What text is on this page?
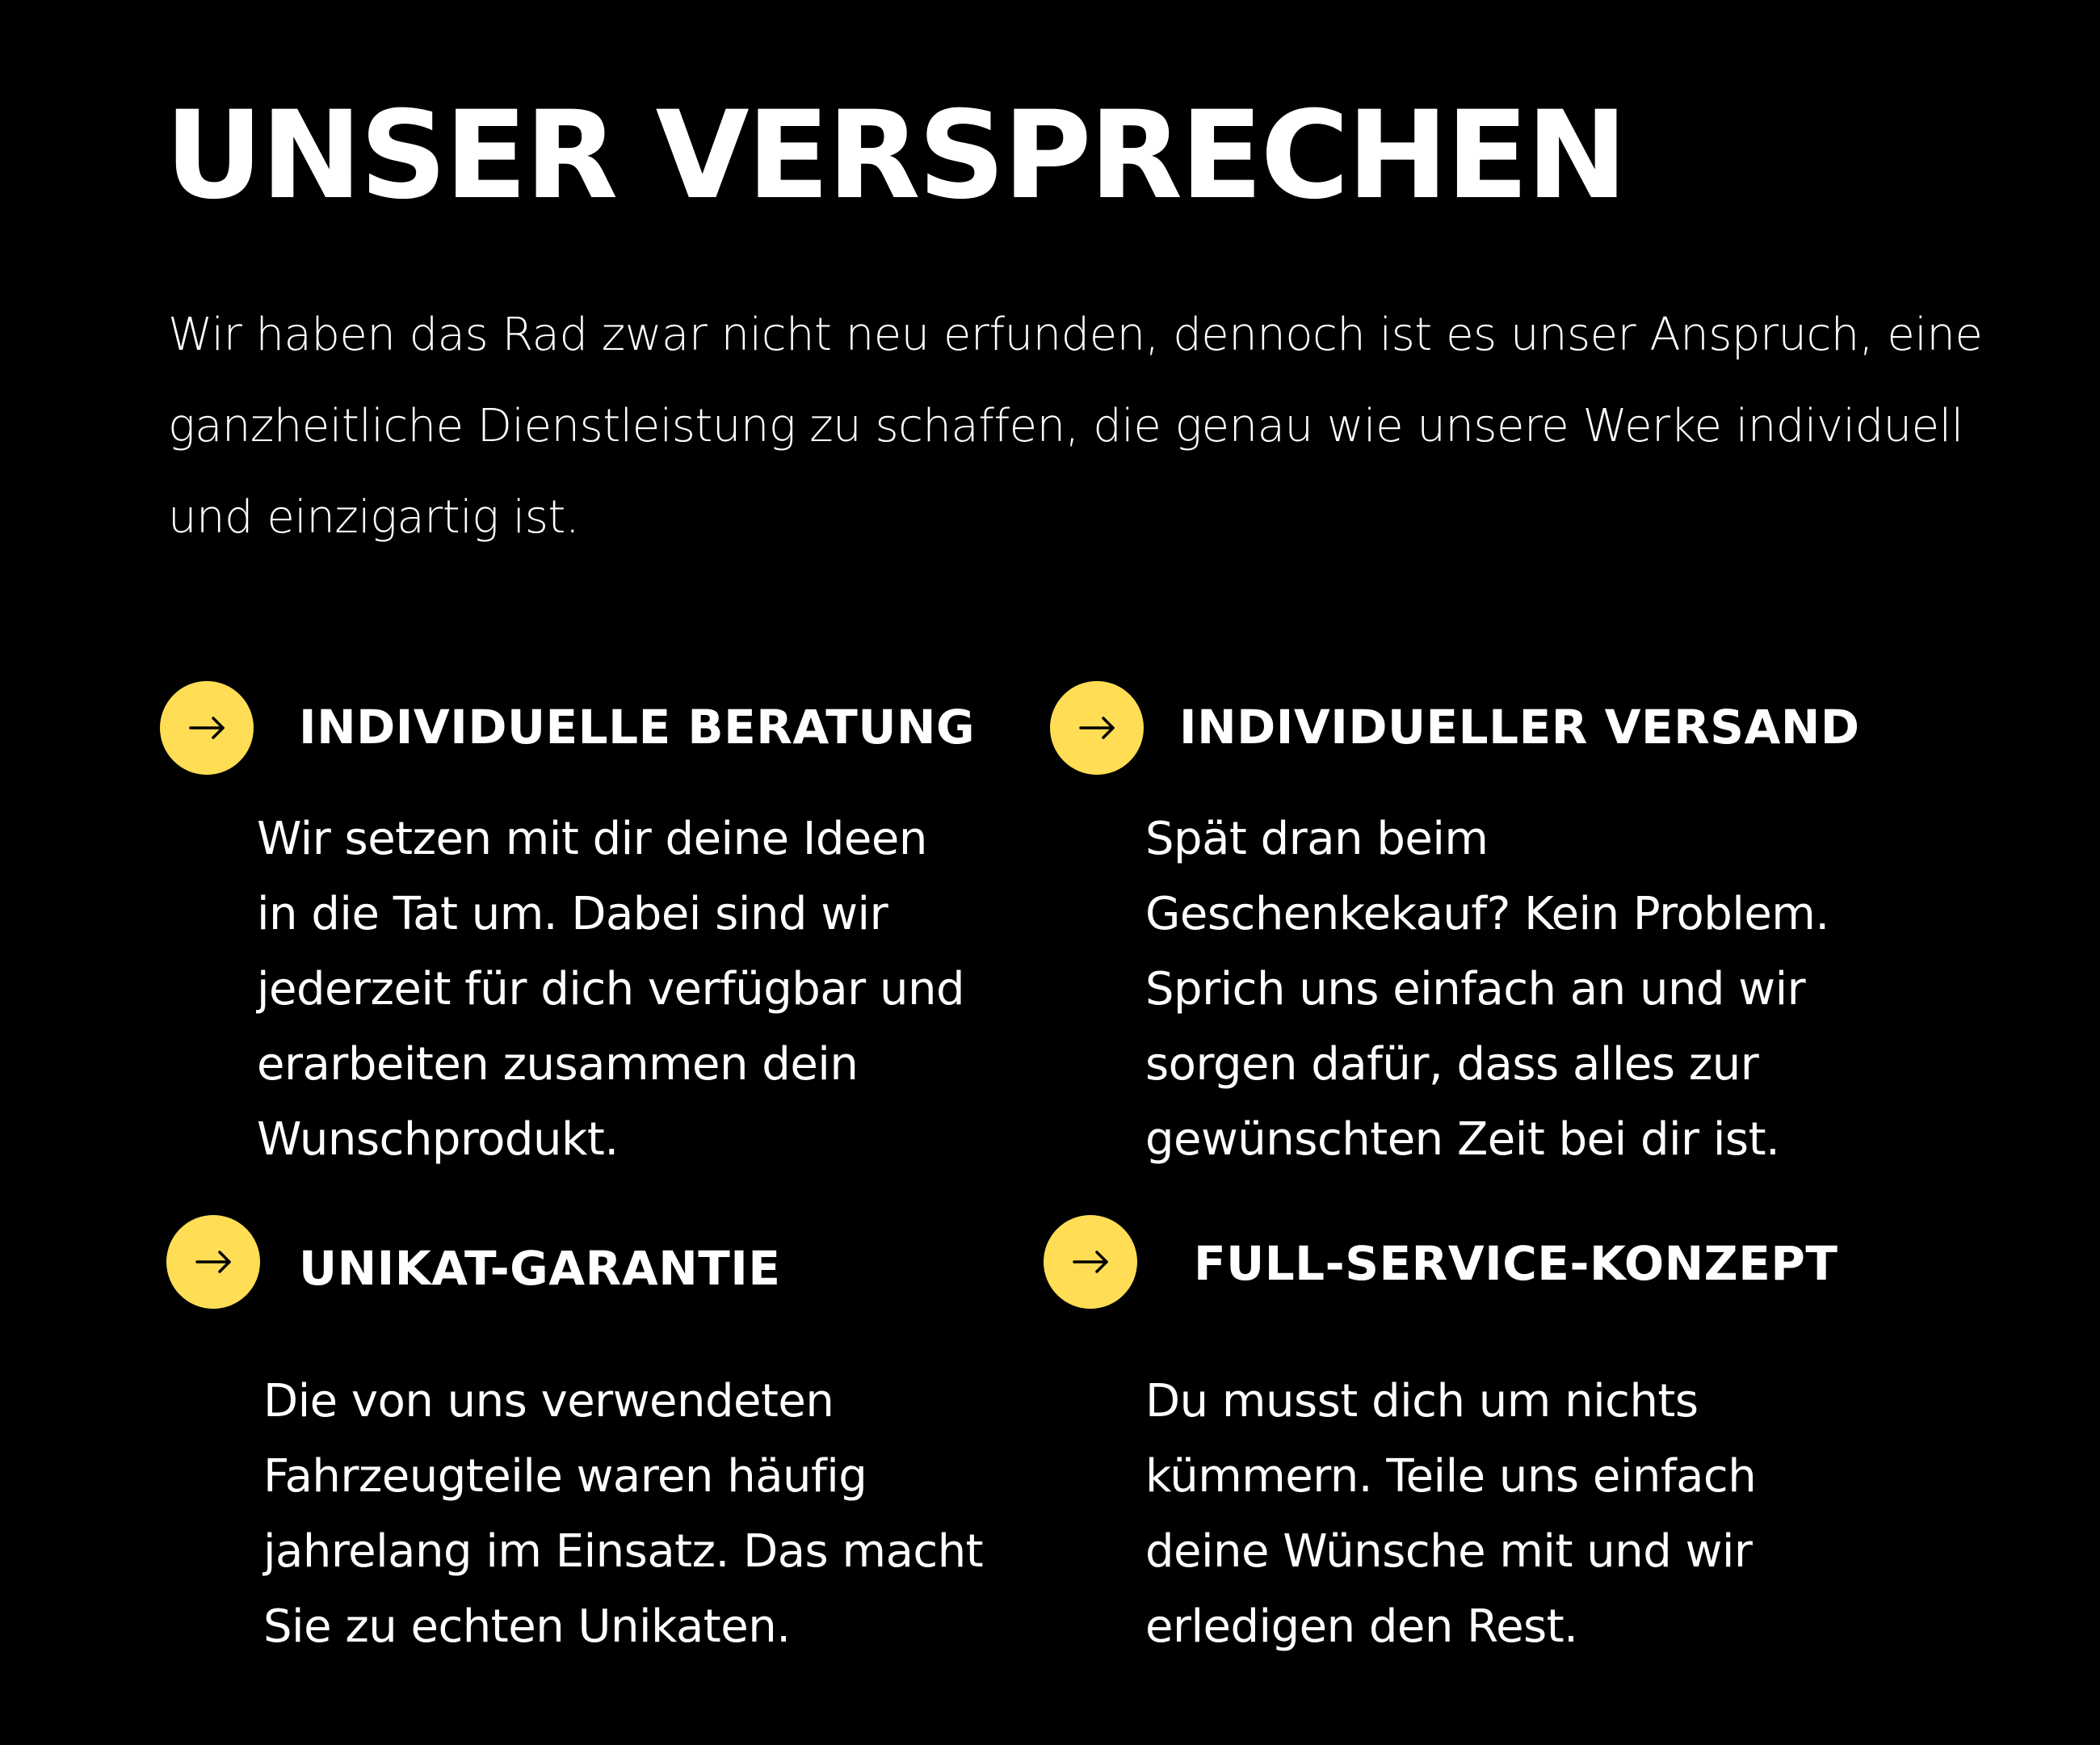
UNSER VERSPRECHEN

Wir haben das Rad zwar nicht neu erfunden, dennoch ist es unser Anspruch, eine ganzheitliche Dienstleistung zu schaffen, die genau wie unsere Werke individuell und einzigartig ist.

INDIVIDUELLE BERATUNG

Wir setzen mit dir deine Ideen
in die Tat um. Dabei sind wir
jederzeit für dich verfügbar und
erarbeiten zusammen dein
Wunschprodukt.

INDIVIDUELLER VERSAND

Spät dran beim
Geschenkekauf? Kein Problem.
Sprich uns einfach an und wir
sorgen dafür, dass alles zur
gewünschten Zeit bei dir ist.

UNIKAT-GARANTIE

Die von uns verwendeten
Fahrzeugteile waren häufig
jahrelang im Einsatz. Das macht
Sie zu echten Unikaten.

FULL-SERVICE-KONZEPT

Du musst dich um nichts
kümmern. Teile uns einfach
deine Wünsche mit und wir
erledigen den Rest.
